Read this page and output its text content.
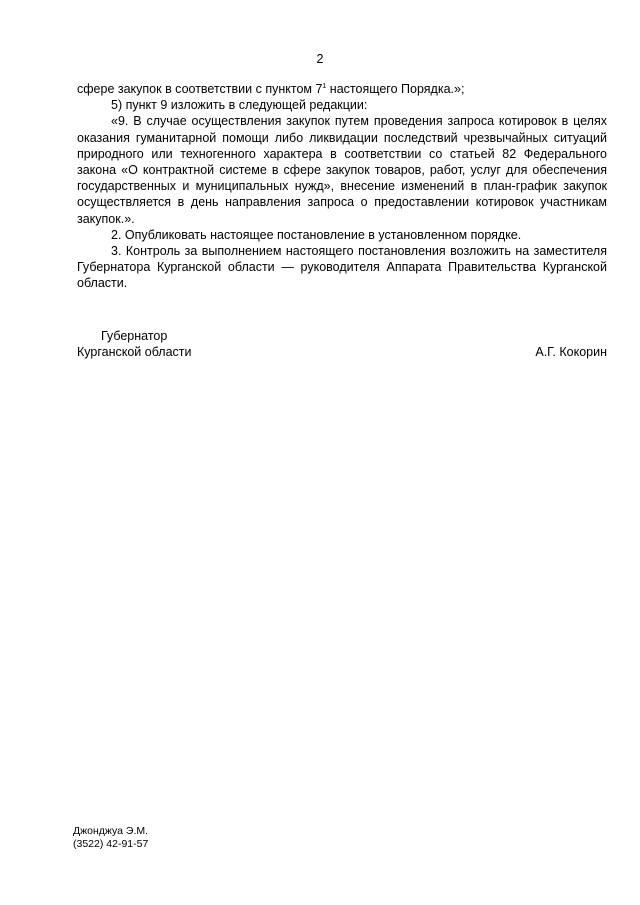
2

сфере закупок в соответствии с пунктом $7^1$ настоящего Порядка.»;

5) пункт 9 изложить в следующей редакции:

«9. В случае осуществления закупок путем проведения запроса котировок в целях оказания гуманитарной помощи либо ликвидации последствий чрезвычайных ситуаций природного или техногенного характера в соответствии со статьей 82 Федерального закона «О контрактной системе в сфере закупок товаров, работ, услуг для обеспечения государственных и муниципальных нужд», внесение изменений в план-график закупок осуществляется в день направления запроса о предоставлении котировок участникам закупок.».

2. Опубликовать настоящее постановление в установленном порядке.

3. Контроль за выполнением настоящего постановления возложить на заместителя Губернатора Курганской области — руководителя Аппарата Правительства Курганской области.

Губернатор
Курганской области	А.Г. Кокорин
Джонджуа Э.М.
(3522) 42-91-57
